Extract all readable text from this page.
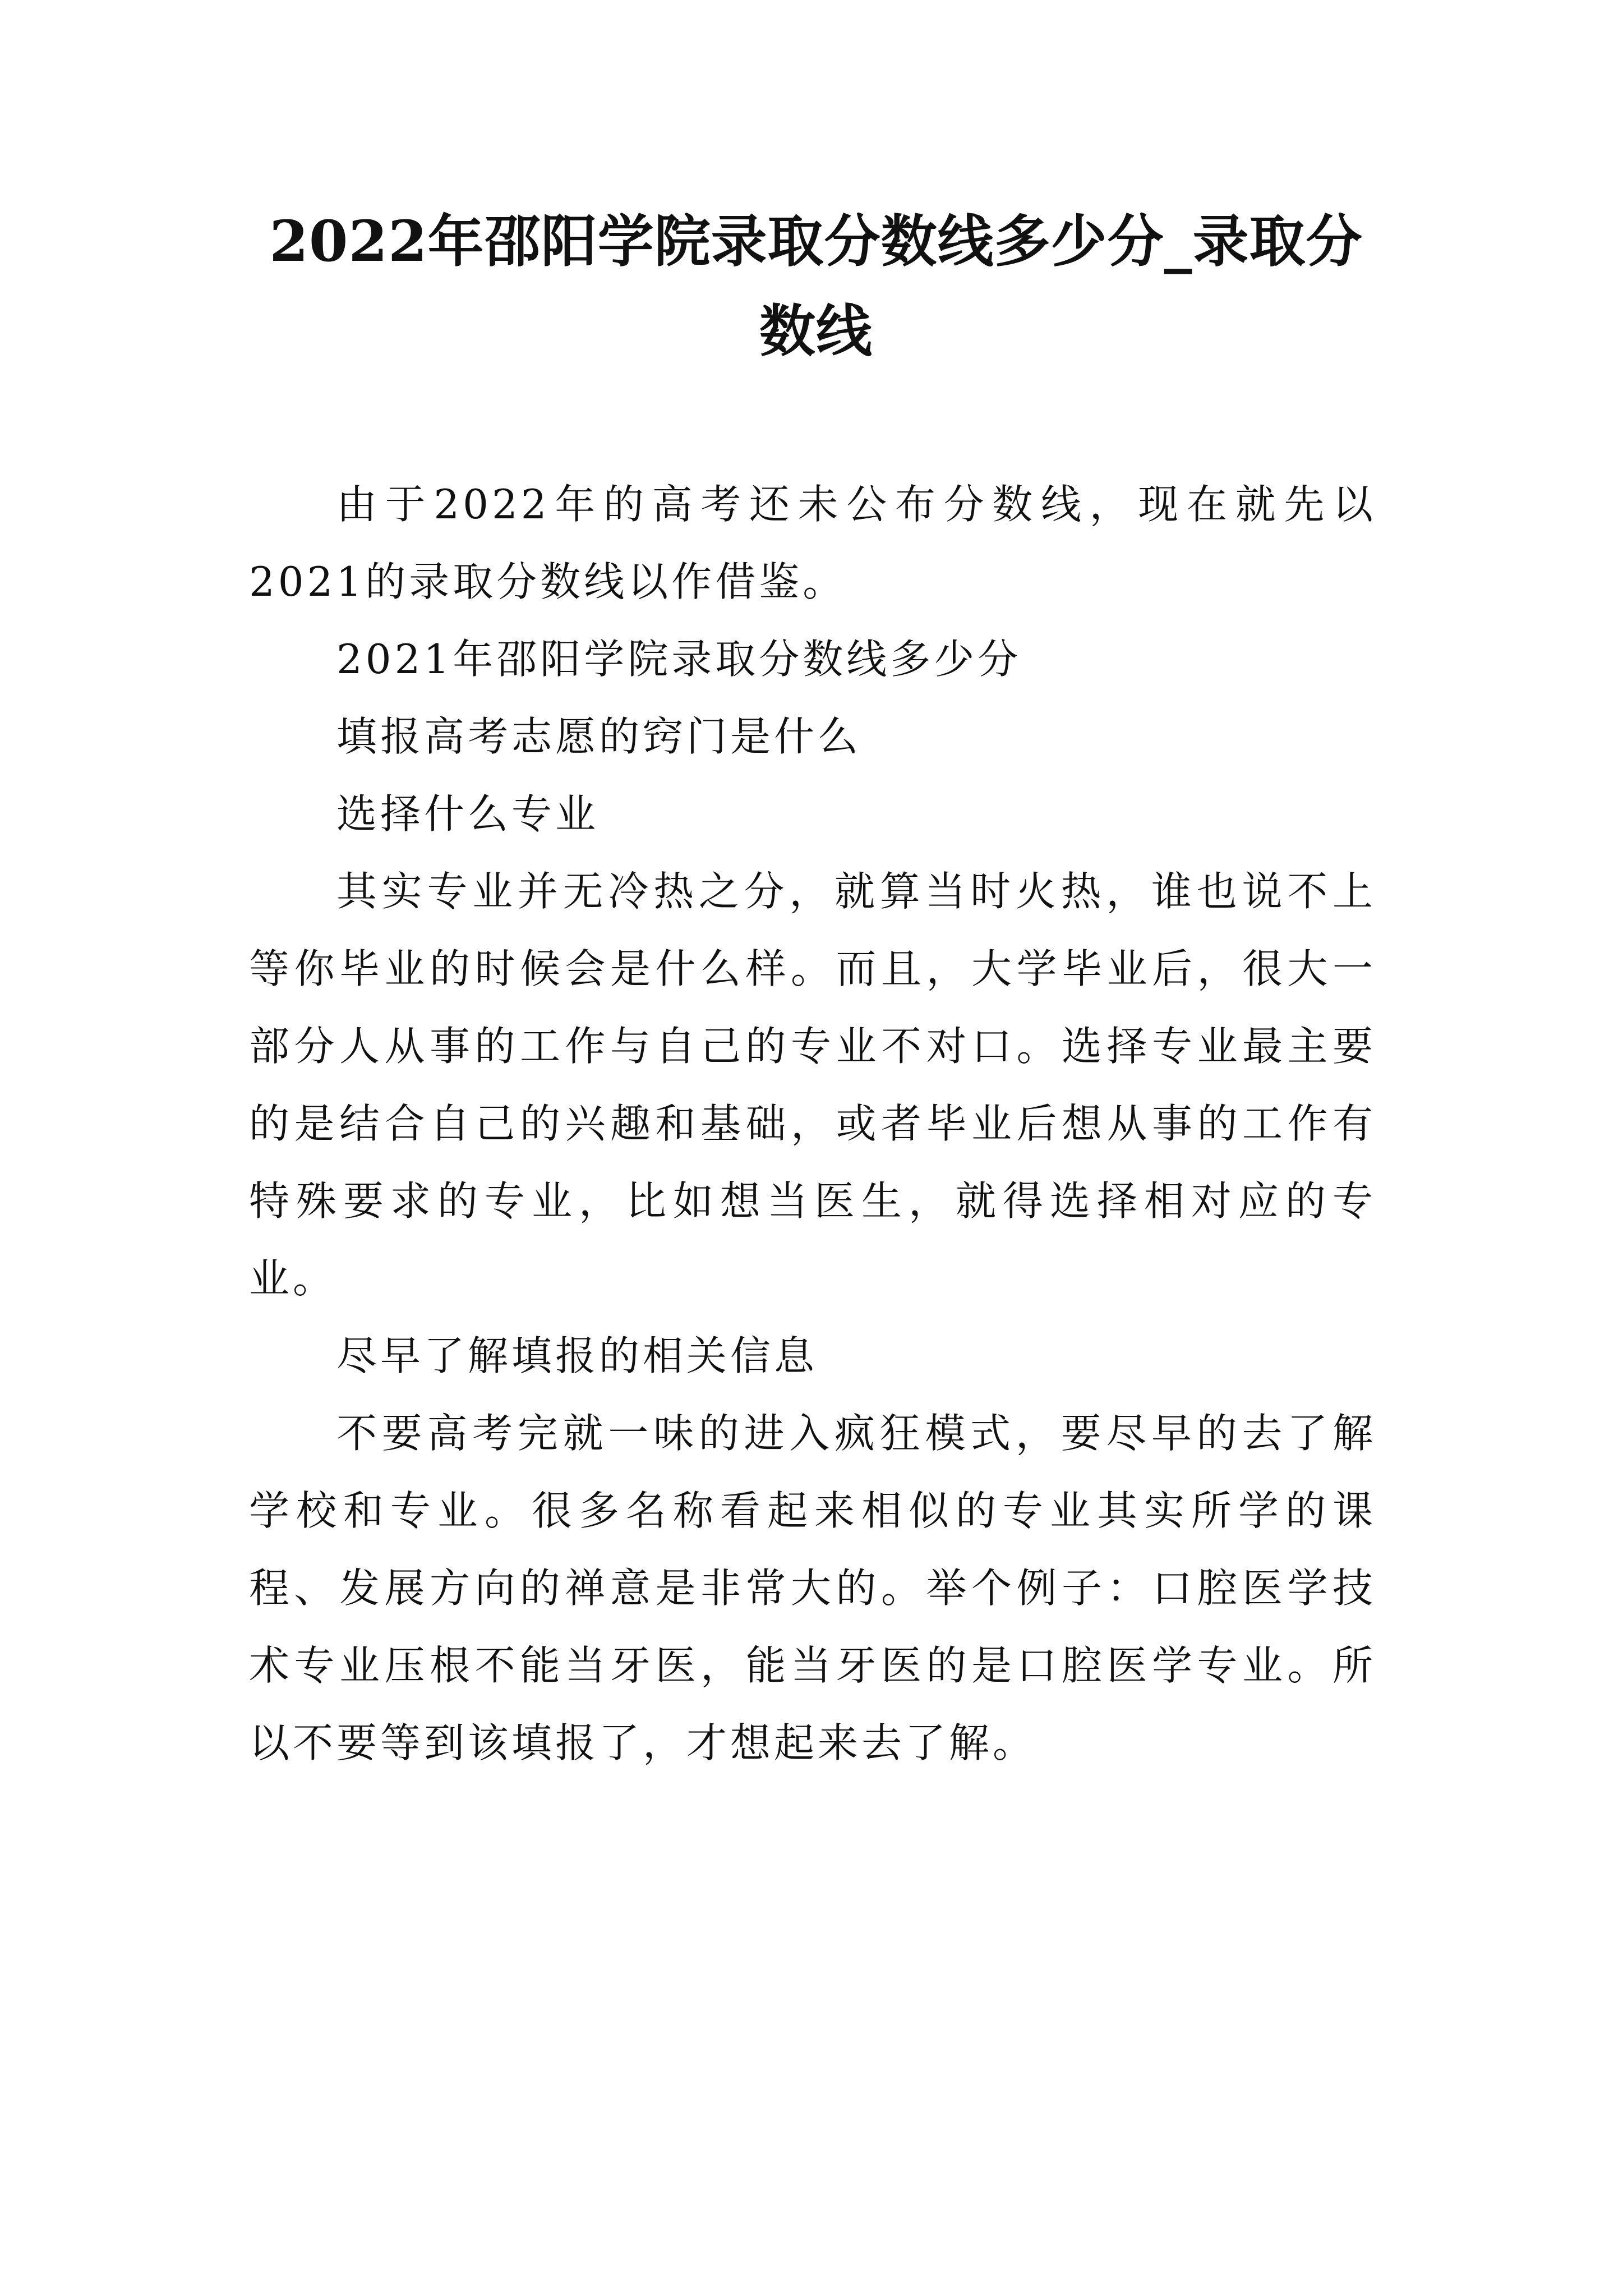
2022年邵阳学院录取分数线多少分_录取分数线

由于2022年的高考还未公布分数线，现在就先以2021的录取分数线以作借鉴。

2021年邵阳学院录取分数线多少分

填报高考志愿的窍门是什么

选择什么专业

其实专业并无冷热之分，就算当时火热，谁也说不上等你毕业的时候会是什么样。而且，大学毕业后，很大一部分人从事的工作与自己的专业不对口。选择专业最主要的是结合自己的兴趣和基础，或者毕业后想从事的工作有特殊要求的专业，比如想当医生，就得选择相对应的专业。

尽早了解填报的相关信息

不要高考完就一味的进入疯狂模式，要尽早的去了解学校和专业。很多名称看起来相似的专业其实所学的课程、发展方向的禅意是非常大的。举个例子：口腔医学技术专业压根不能当牙医，能当牙医的是口腔医学专业。所以不要等到该填报了，才想起来去了解。
